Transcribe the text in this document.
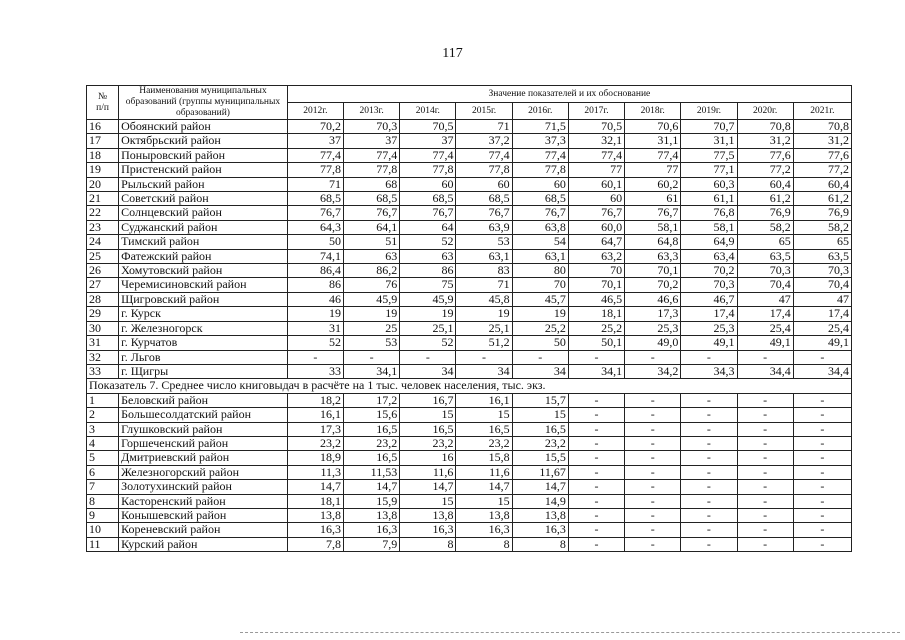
117
№
п/п	Наименования муниципальных образований (группы муниципальных образований)	Значение показателей и их обоснование									
		2012г.	2013г.	2014г.	2015г.	2016г.	2017г.	2018г.	2019г.	2020г.	2021г.
16	Обоянский район	70,2	70,3	70,5	71	71,5	70,5	70,6	70,7	70,8	70,8
17	Октябрьский район	37	37	37	37,2	37,3	32,1	31,1	31,1	31,2	31,2
18	Поныровский район	77,4	77,4	77,4	77,4	77,4	77,4	77,4	77,5	77,6	77,6
19	Пристенский район	77,8	77,8	77,8	77,8	77,8	77	77	77,1	77,2	77,2
20	Рыльский район	71	68	60	60	60	60,1	60,2	60,3	60,4	60,4
21	Советский район	68,5	68,5	68,5	68,5	68,5	60	61	61,1	61,2	61,2
22	Солнцевский район	76,7	76,7	76,7	76,7	76,7	76,7	76,7	76,8	76,9	76,9
23	Суджанский район	64,3	64,1	64	63,9	63,8	60,0	58,1	58,1	58,2	58,2
24	Тимский район	50	51	52	53	54	64,7	64,8	64,9	65	65
25	Фатежский район	74,1	63	63	63,1	63,1	63,2	63,3	63,4	63,5	63,5
26	Хомутовский район	86,4	86,2	86	83	80	70	70,1	70,2	70,3	70,3
27	Черемисиновский район	86	76	75	71	70	70,1	70,2	70,3	70,4	70,4
28	Щигровский район	46	45,9	45,9	45,8	45,7	46,5	46,6	46,7	47	47
29	г. Курск	19	19	19	19	19	18,1	17,3	17,4	17,4	17,4
30	г. Железногорск	31	25	25,1	25,1	25,2	25,2	25,3	25,3	25,4	25,4
31	г. Курчатов	52	53	52	51,2	50	50,1	49,0	49,1	49,1	49,1
32	г. Льгов	-	-	-	-	-	-	-	-	-	-
33	г. Щигры	33	34,1	34	34	34	34,1	34,2	34,3	34,4	34,4
Показатель 7. Среднее число книговыдач в расчёте на 1 тыс. человек населения, тыс. экз.											
1	Беловский район	18,2	17,2	16,7	16,1	15,7	-	-	-	-	-
2	Большесолдатский район	16,1	15,6	15	15	15	-	-	-	-	-
3	Глушковский район	17,3	16,5	16,5	16,5	16,5	-	-	-	-	-
4	Горшеченский район	23,2	23,2	23,2	23,2	23,2	-	-	-	-	-
5	Дмитриевский район	18,9	16,5	16	15,8	15,5	-	-	-	-	-
6	Железногорский район	11,3	11,53	11,6	11,6	11,67	-	-	-	-	-
7	Золотухинский район	14,7	14,7	14,7	14,7	14,7	-	-	-	-	-
8	Касторенский район	18,1	15,9	15	15	14,9	-	-	-	-	-
9	Конышевский район	13,8	13,8	13,8	13,8	13,8	-	-	-	-	-
10	Кореневский район	16,3	16,3	16,3	16,3	16,3	-	-	-	-	-
11	Курский район	7,8	7,9	8	8	8	-	-	-	-	-
